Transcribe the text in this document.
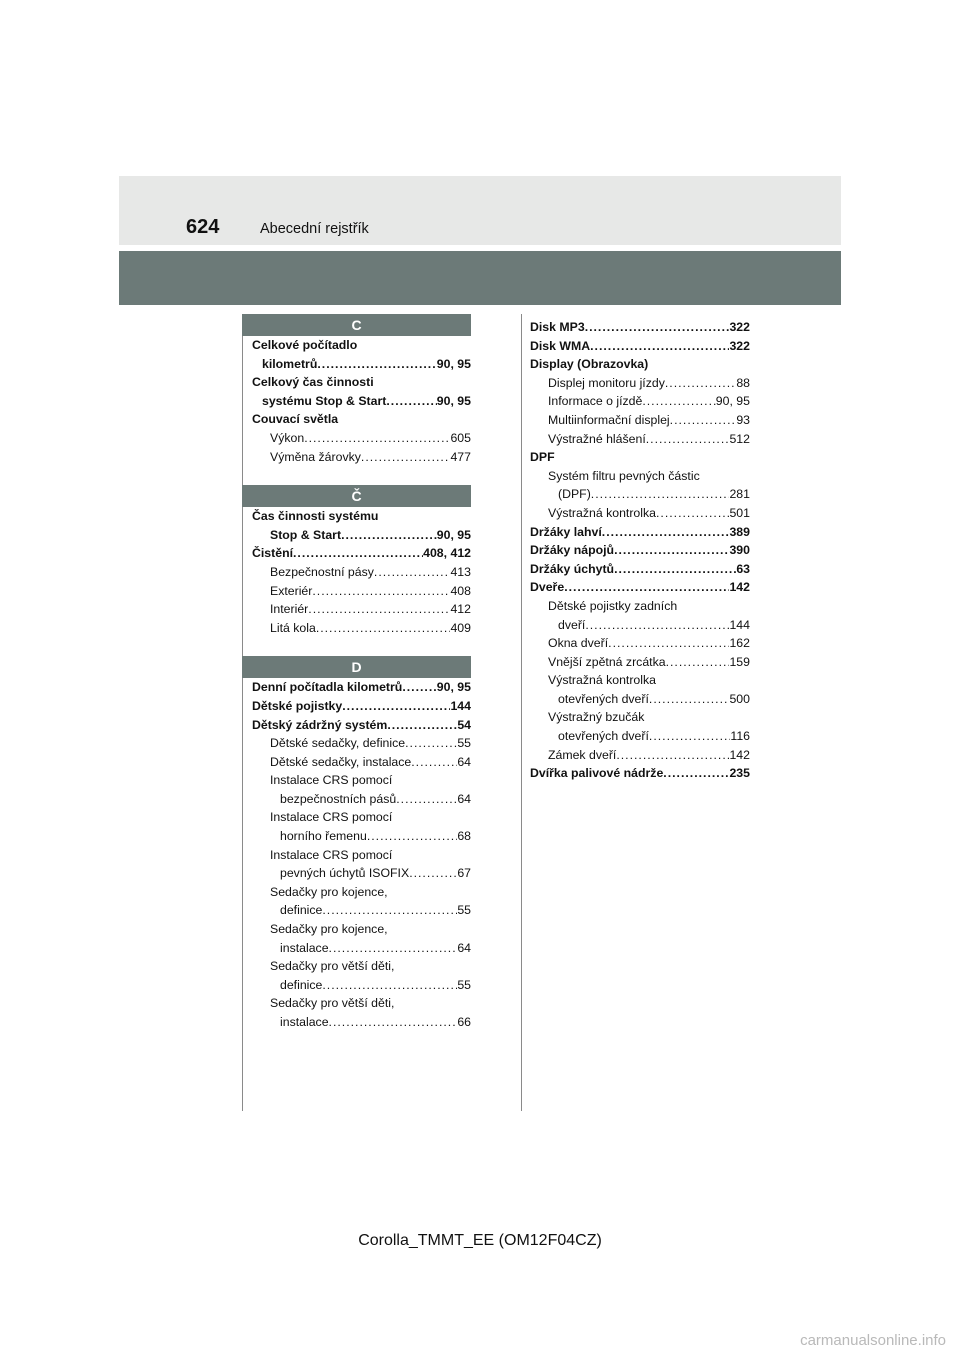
624	Abecední rejstřík
C
Celkové počítadlo
kilometrů .....	90, 95
Celkový čas činnosti
systému Stop & Start .....	90, 95
Couvací světla
Výkon .....	605
Výměna žárovky .....	477
Č
Čas činnosti systému
Stop & Start .....	90, 95
Čistění .....	408, 412
Bezpečnostní pásy .....	413
Exteriér .....	408
Interiér .....	412
Litá kola .....	409
D
Denní počítadla kilometrů .....	90, 95
Dětské pojistky .....	144
Dětský zádržný systém .....	54
Dětské sedačky, definice .....	55
Dětské sedačky, instalace .....	64
Instalace CRS pomocí
bezpečnostních pásů .....	64
Instalace CRS pomocí
horního řemenu .....	68
Instalace CRS pomocí
pevných úchytů ISOFIX .....	67
Sedačky pro kojence,
definice .....	55
Sedačky pro kojence,
instalace .....	64
Sedačky pro větší děti,
definice .....	55
Sedačky pro větší děti,
instalace .....	66
Disk MP3 .....	322
Disk WMA .....	322
Display (Obrazovka)
Displej monitoru jízdy .....	88
Informace o jízdě .....	90, 95
Multiinformační displej .....	93
Výstražné hlášení .....	512
DPF
Systém filtru pevných částic
(DPF) .....	281
Výstražná kontrolka .....	501
Držáky lahví .....	389
Držáky nápojů .....	390
Držáky úchytů .....	63
Dveře .....	142
Dětské pojistky zadních
dveří .....	144
Okna dveří .....	162
Vnější zpětná zrcátka .....	159
Výstražná kontrolka
otevřených dveří .....	500
Výstražný bzučák
otevřených dveří .....	116
Zámek dveří .....	142
Dvířka palivové nádrže .....	235
Corolla_TMMT_EE (OM12F04CZ)
carmanualsonline.info
